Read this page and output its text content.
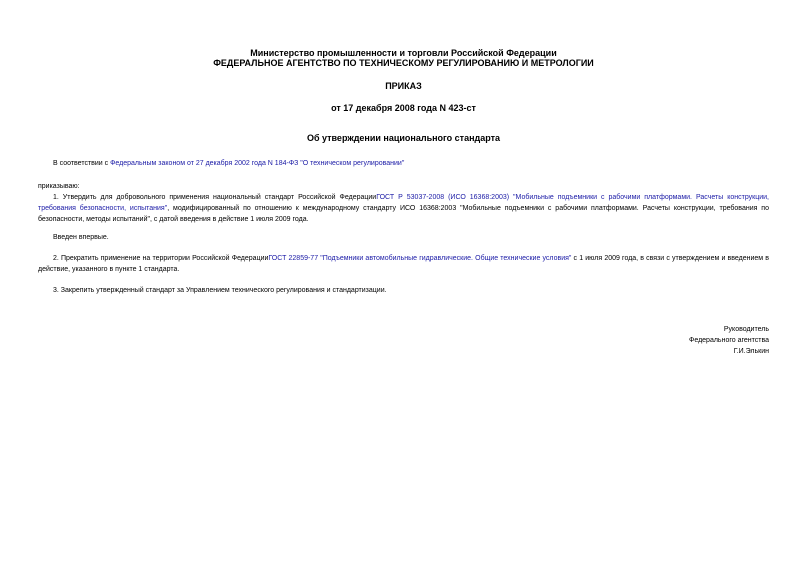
Министерство промышленности и торговли Российской Федерации
ФЕДЕРАЛЬНОЕ АГЕНТСТВО ПО ТЕХНИЧЕСКОМУ РЕГУЛИРОВАНИЮ И МЕТРОЛОГИИ
ПРИКАЗ
от 17 декабря 2008 года N 423-ст
Об утверждении национального стандарта
В соответствии с Федеральным законом от 27 декабря 2002 года N 184-ФЗ "О техническом регулировании"
приказываю:
1. Утвердить для добровольного применения национальный стандарт Российской ФедерацииГОСТ Р 53037-2008 (ИСО 16368:2003) "Мобильные подъемники с рабочими платформами. Расчеты конструкции, требования безопасности, испытания", модифицированный по отношению к международному стандарту ИСО 16368:2003 "Мобильные подъемники с рабочими платформами. Расчеты конструкции, требования по безопасности, методы испытаний", с датой введения в действие 1 июля 2009 года.
Введен впервые.
2. Прекратить применение на территории Российской ФедерацииГОСТ 22859-77 "Подъемники автомобильные гидравлические. Общие технические условия" с 1 июля 2009 года, в связи с утверждением и введением в действие, указанного в пункте 1 стандарта.
3. Закрепить утвержденный стандарт за Управлением технического регулирования и стандартизации.
Руководитель
Федерального агентства
Г.И.Элькин
